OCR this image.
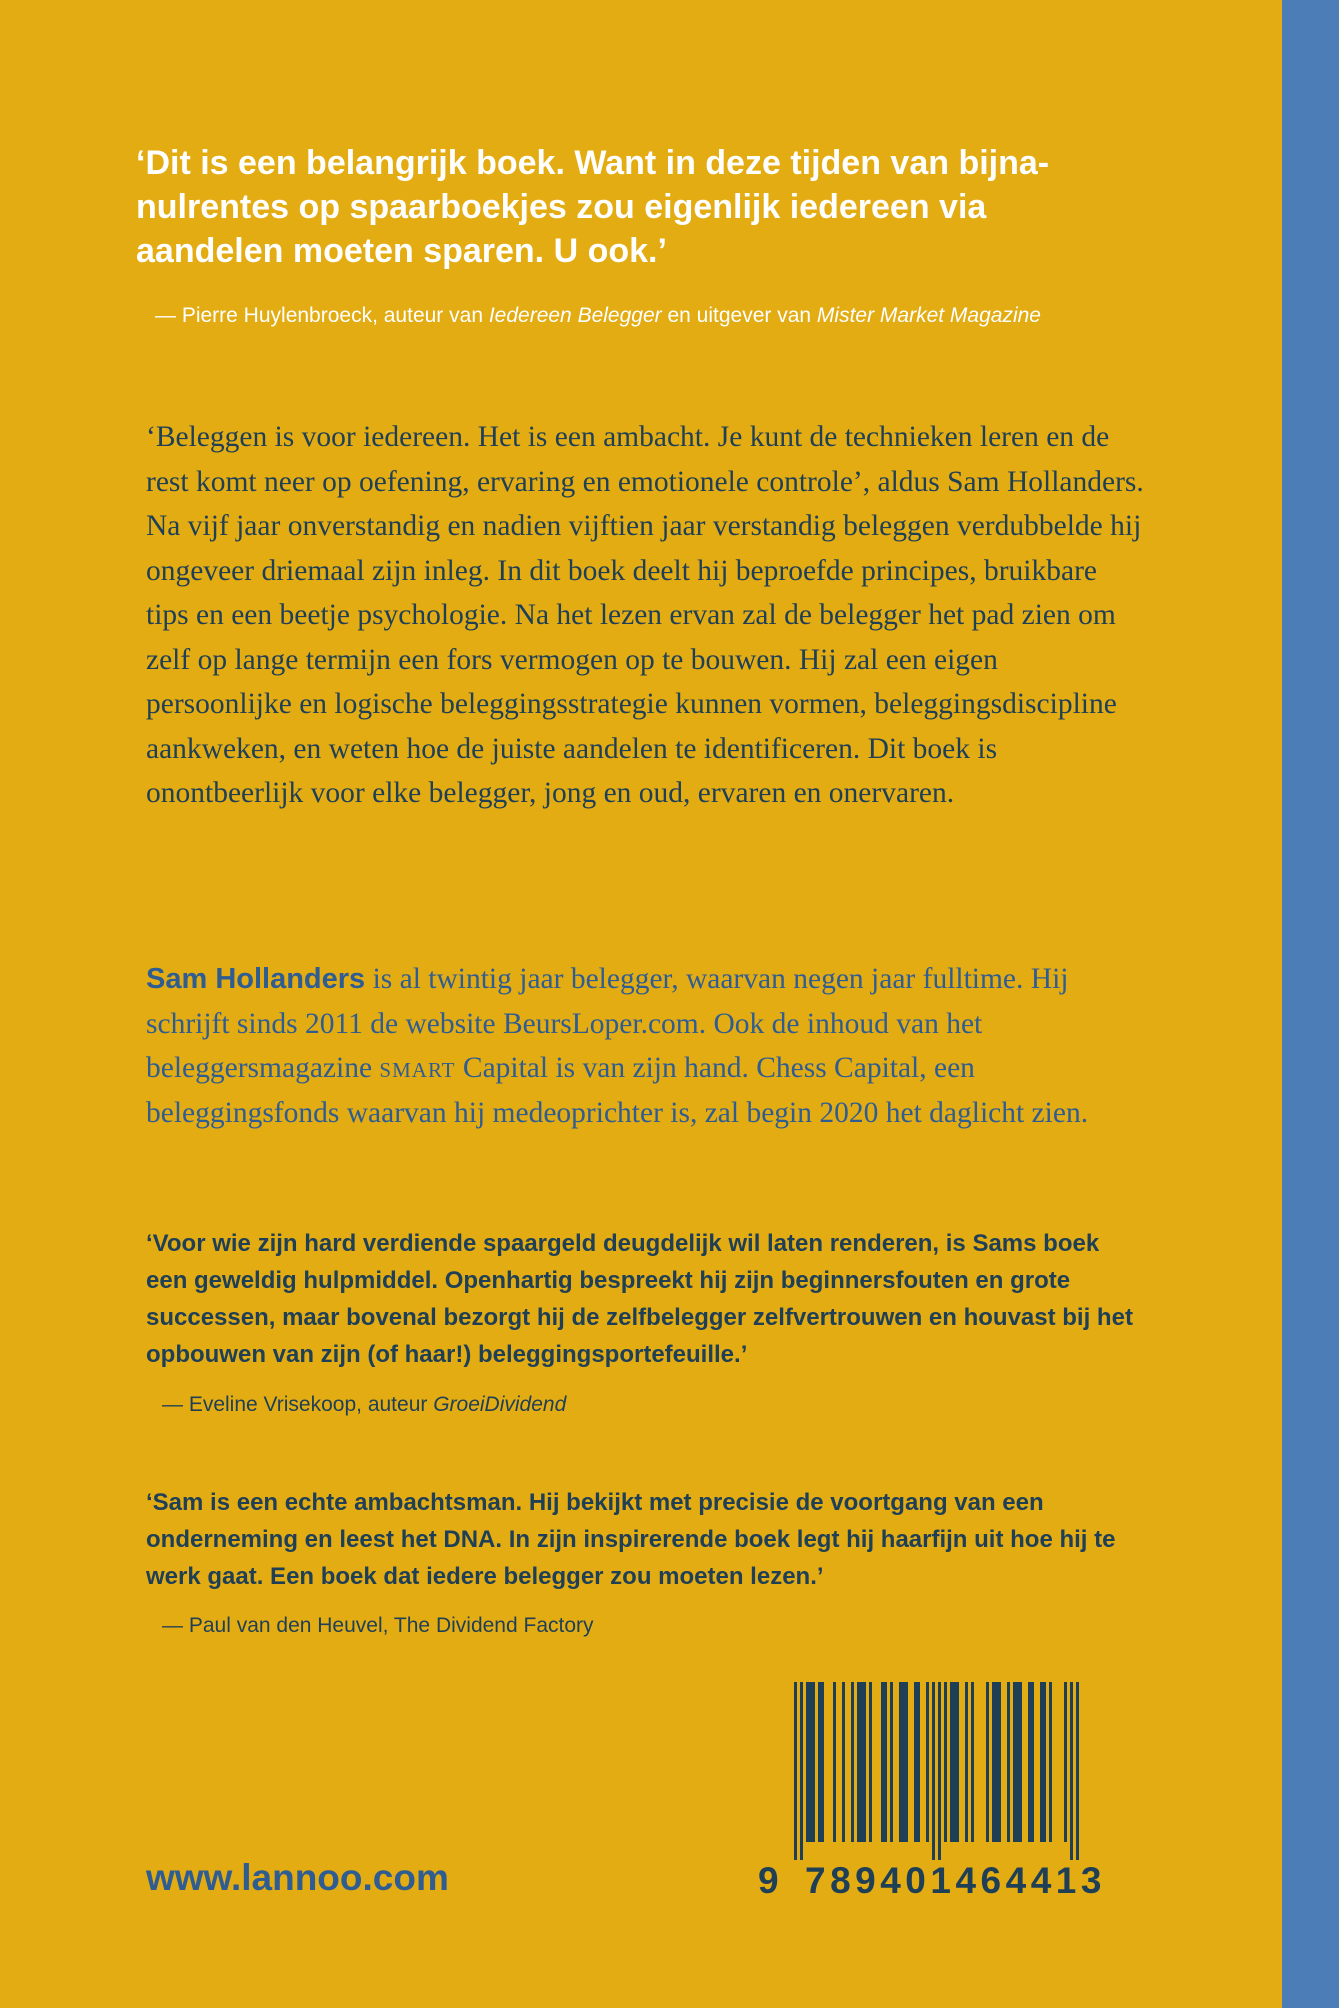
‘Dit is een belangrijk boek. Want in deze tijden van bijna-
nulrentes op spaarboekjes zou eigenlijk iedereen via
aandelen moeten sparen. U ook.’
— Pierre Huylenbroeck, auteur van Iedereen Belegger en uitgever van Mister Market Magazine
‘Beleggen is voor iedereen. Het is een ambacht. Je kunt de technieken leren en de rest komt neer op oefening, ervaring en emotionele controle’, aldus Sam Hollanders. Na vijf jaar onverstandig en nadien vijftien jaar verstandig beleggen verdubbelde hij ongeveer driemaal zijn inleg. In dit boek deelt hij beproefde principes, bruikbare tips en een beetje psychologie. Na het lezen ervan zal de belegger het pad zien om zelf op lange termijn een fors vermogen op te bouwen. Hij zal een eigen persoonlijke en logische beleggingsstrategie kunnen vormen, beleggingsdiscipline aankweken, en weten hoe de juiste aandelen te identificeren. Dit boek is onontbeerlijk voor elke belegger, jong en oud, ervaren en onervaren.
Sam Hollanders is al twintig jaar belegger, waarvan negen jaar fulltime. Hij schrijft sinds 2011 de website BeursLoper.com. Ook de inhoud van het beleggersmagazine smart Capital is van zijn hand. Chess Capital, een beleggingsfonds waarvan hij medeoprichter is, zal begin 2020 het daglicht zien.
‘Voor wie zijn hard verdiende spaargeld deugdelijk wil laten renderen, is Sams boek een geweldig hulpmiddel. Openhartig bespreekt hij zijn beginnersfouten en grote successen, maar bovenal bezorgt hij de zelfbelegger zelfvertrouwen en houvast bij het opbouwen van zijn (of haar!) beleggingsportefeuille.’
— Eveline Vrisekoop, auteur GroeiDividend
‘Sam is een echte ambachtsman. Hij bekijkt met precisie de voortgang van een onderneming en leest het DNA. In zijn inspirerende boek legt hij haarfijn uit hoe hij te werk gaat. Een boek dat iedere belegger zou moeten lezen.’
— Paul van den Heuvel, The Dividend Factory
www.lannoo.com	9 789401464413
